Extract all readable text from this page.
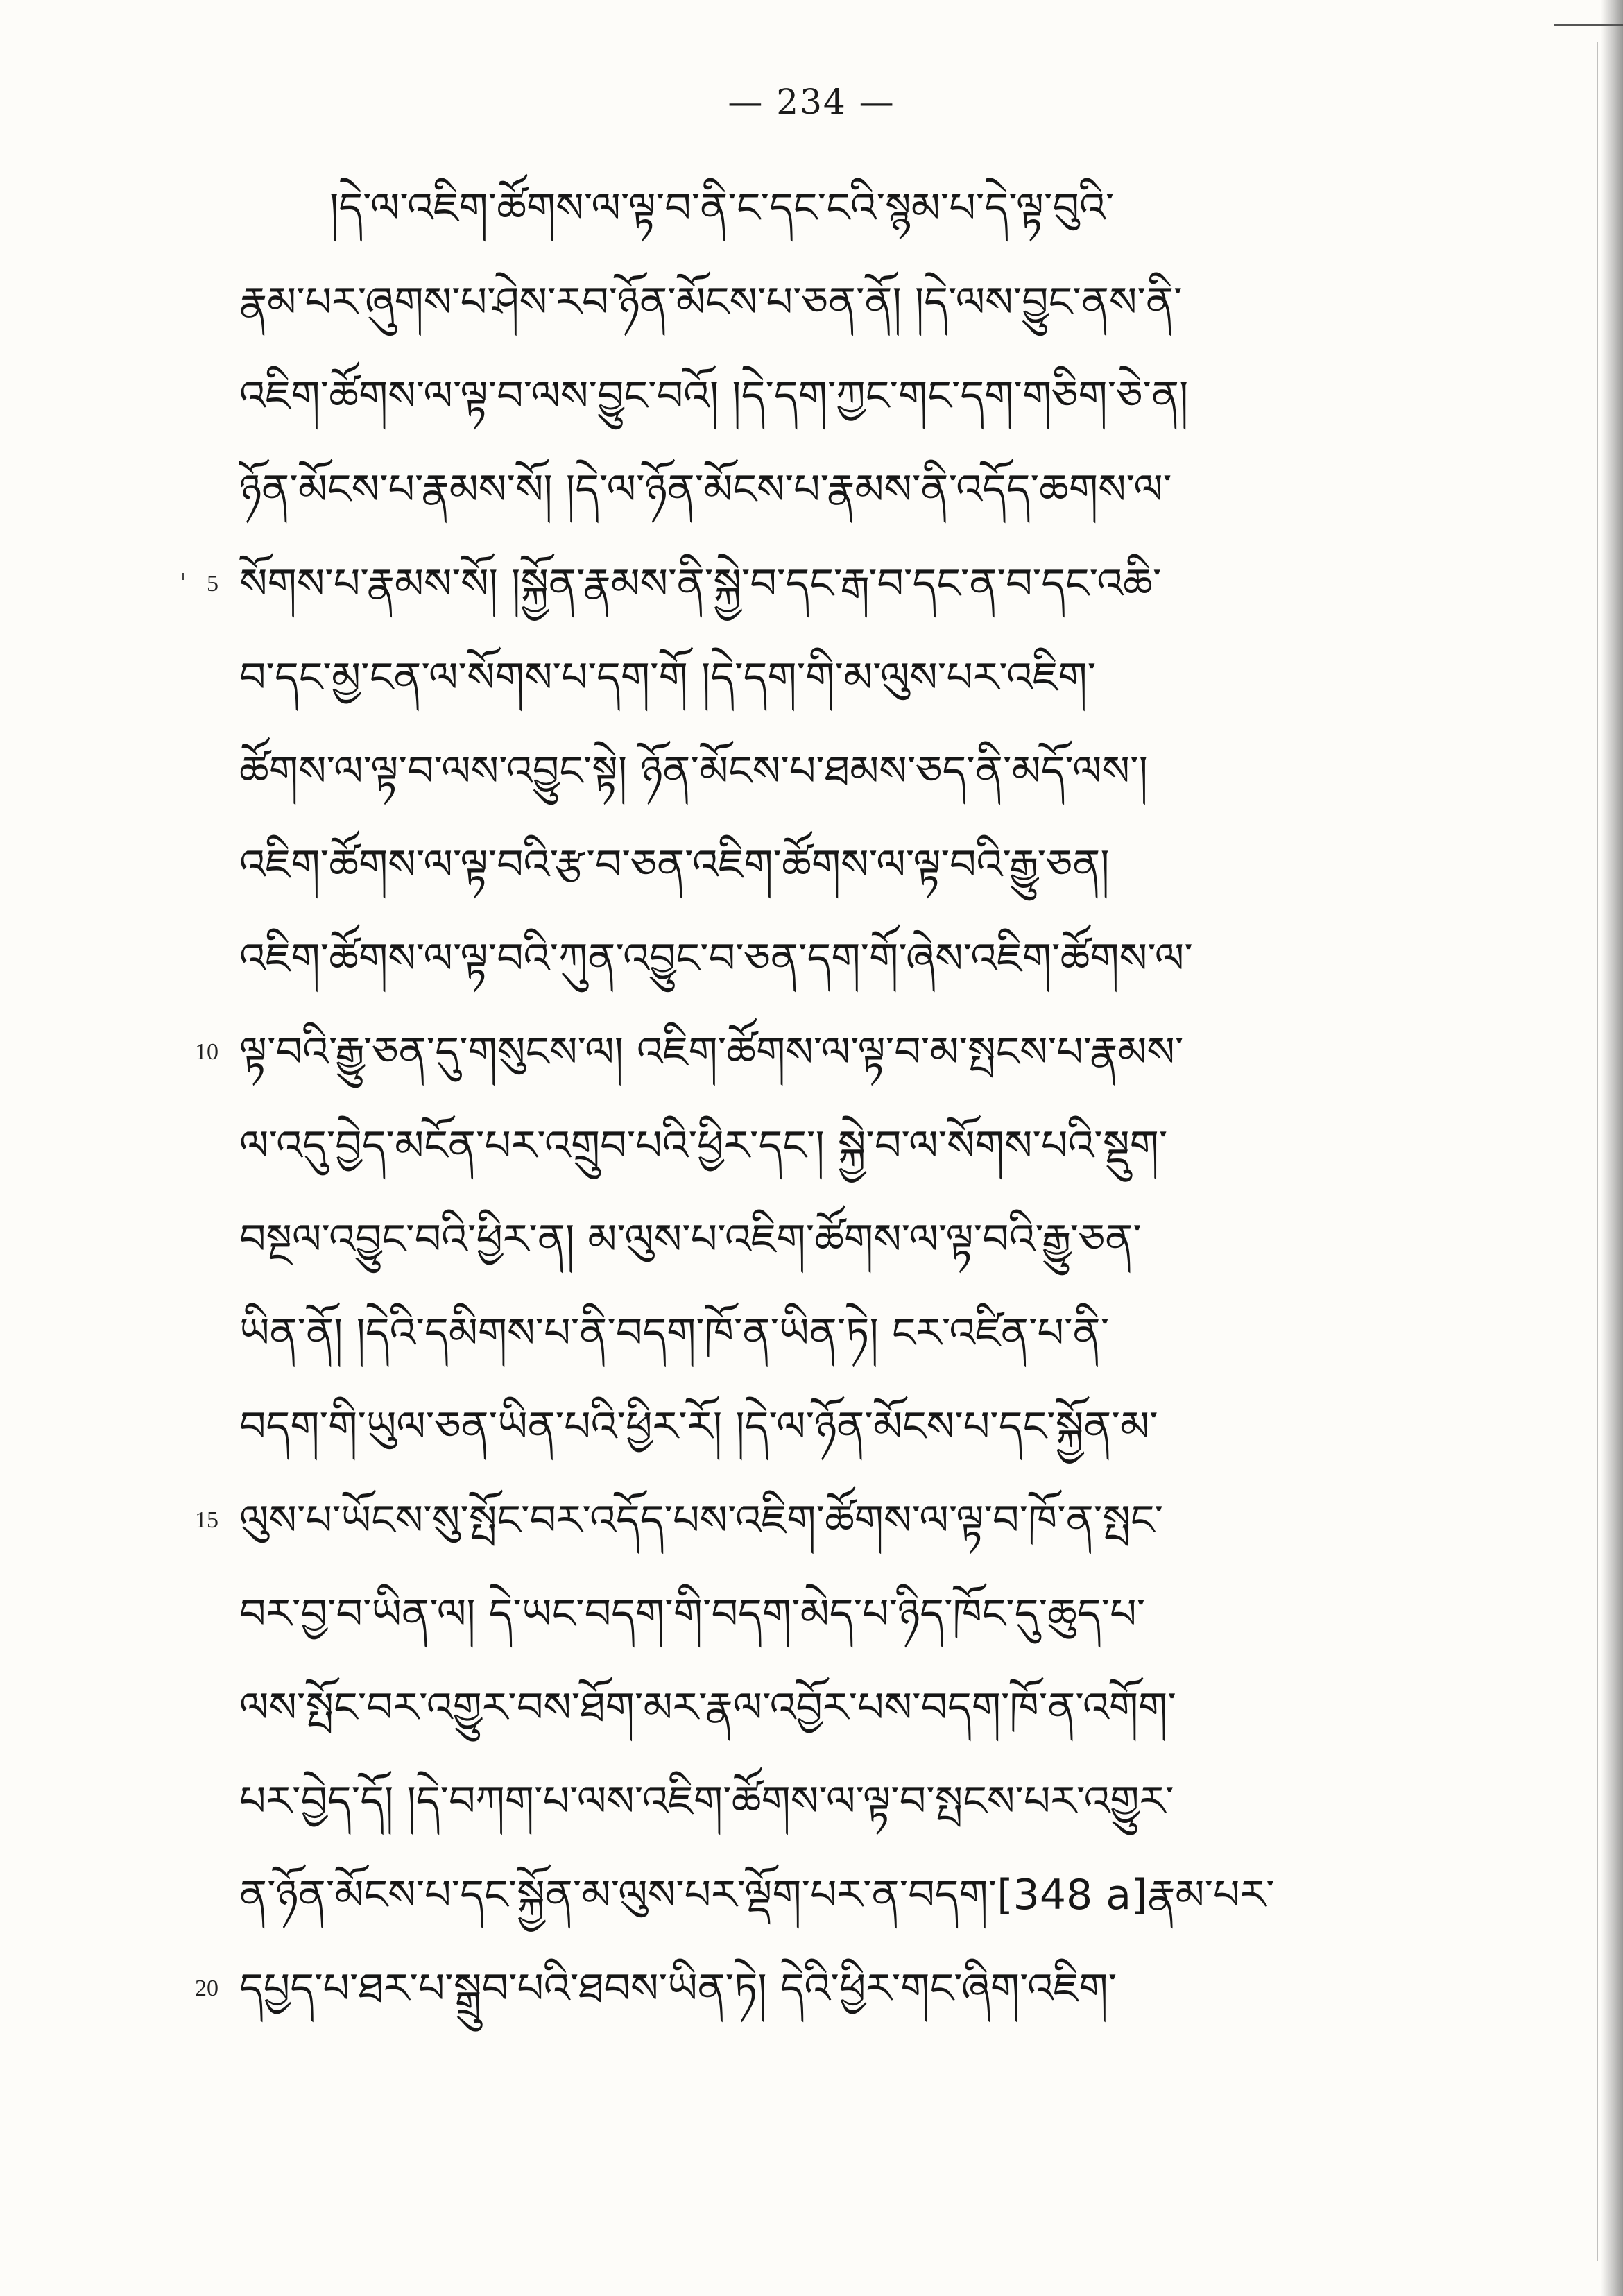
— 234 —
།དེ་ལ་འཇིག་ཚོགས་ལ་ལྟ་བ་ནི་ང་དང་ངའི་སྙམ་པ་དེ་ལྟ་བུའི་
རྣམ་པར་ཞུགས་པ་ཤེས་རབ་ཉོན་མོངས་པ་ཅན་ནོ། །དེ་ལས་བྱུང་ནས་ནི་
འཇིག་ཚོགས་ལ་ལྟ་བ་ལས་བྱུང་བའོ། །དེ་དག་ཀྱང་གང་དག་གཅིག་ཅེ་ན།
ཉོན་མོངས་པ་རྣམས་སོ། །དེ་ལ་ཉོན་མོངས་པ་རྣམས་ནི་འདོད་ཆགས་ལ་
སོགས་པ་རྣམས་སོ། །སྐྱོན་རྣམས་ནི་སྐྱེ་བ་དང་རྒ་བ་དང་ན་བ་དང་འཆི་
བ་དང་མྱ་ངན་ལ་སོགས་པ་དག་གོ །དེ་དག་གི་མ་ལུས་པར་འཇིག་
ཚོགས་ལ་ལྟ་བ་ལས་འབྱུང་སྟེ། ཉོན་མོངས་པ་ཐམས་ཅད་ནི་མདོ་ལས་།
འཇིག་ཚོགས་ལ་ལྟ་བའི་རྩ་བ་ཅན་འཇིག་ཚོགས་ལ་ལྟ་བའི་རྒྱུ་ཅན།
འཇིག་ཚོགས་ལ་ལྟ་བའི་ཀུན་འབྱུང་བ་ཅན་དག་གོ་ཞེས་འཇིག་ཚོགས་ལ་
ལྟ་བའི་རྒྱུ་ཅན་དུ་གསུངས་ལ། འཇིག་ཚོགས་ལ་ལྟ་བ་མ་སྤངས་པ་རྣམས་
ལ་འདུ་བྱེད་མངོན་པར་འགྲུབ་པའི་ཕྱིར་དང་། སྐྱེ་བ་ལ་སོགས་པའི་སྡུག་
བསྔལ་འབྱུང་བའི་ཕྱིར་ན། མ་ལུས་པ་འཇིག་ཚོགས་ལ་ལྟ་བའི་རྒྱུ་ཅན་
ཡིན་ནོ། །དེའི་དམིགས་པ་ནི་བདག་ཁོ་ན་ཡིན་ཏེ། ངར་འཛིན་པ་ནི་
བདག་གི་ཡུལ་ཅན་ཡིན་པའི་ཕྱིར་རོ། །དེ་ལ་ཉོན་མོངས་པ་དང་སྐྱོན་མ་
ལུས་པ་ཡོངས་སུ་སྤོང་བར་འདོད་པས་འཇིག་ཚོགས་ལ་ལྟ་བ་ཁོ་ན་སྤང་
བར་བྱ་བ་ཡིན་ལ། དེ་ཡང་བདག་གི་བདག་མེད་པ་ཉིད་ཁོང་དུ་ཆུད་པ་
ལས་སྤོང་བར་འགྱུར་བས་ཐོག་མར་རྣལ་འབྱོར་པས་བདག་ཁོ་ན་འགོག་
པར་བྱེད་དོ། །དེ་བཀག་པ་ལས་འཇིག་ཚོགས་ལ་ལྟ་བ་སྤངས་པར་འགྱུར་
ན་ཉོན་མོངས་པ་དང་སྐྱོན་མ་ལུས་པར་ལྡོག་པར་ན་བདག་[348 a]རྣམ་པར་
དཔྱད་པ་ཐར་པ་སྒྲུབ་པའི་ཐབས་ཡིན་ཏེ། དེའི་ཕྱིར་གང་ཞིག་འཇིག་
5
10
15
20
